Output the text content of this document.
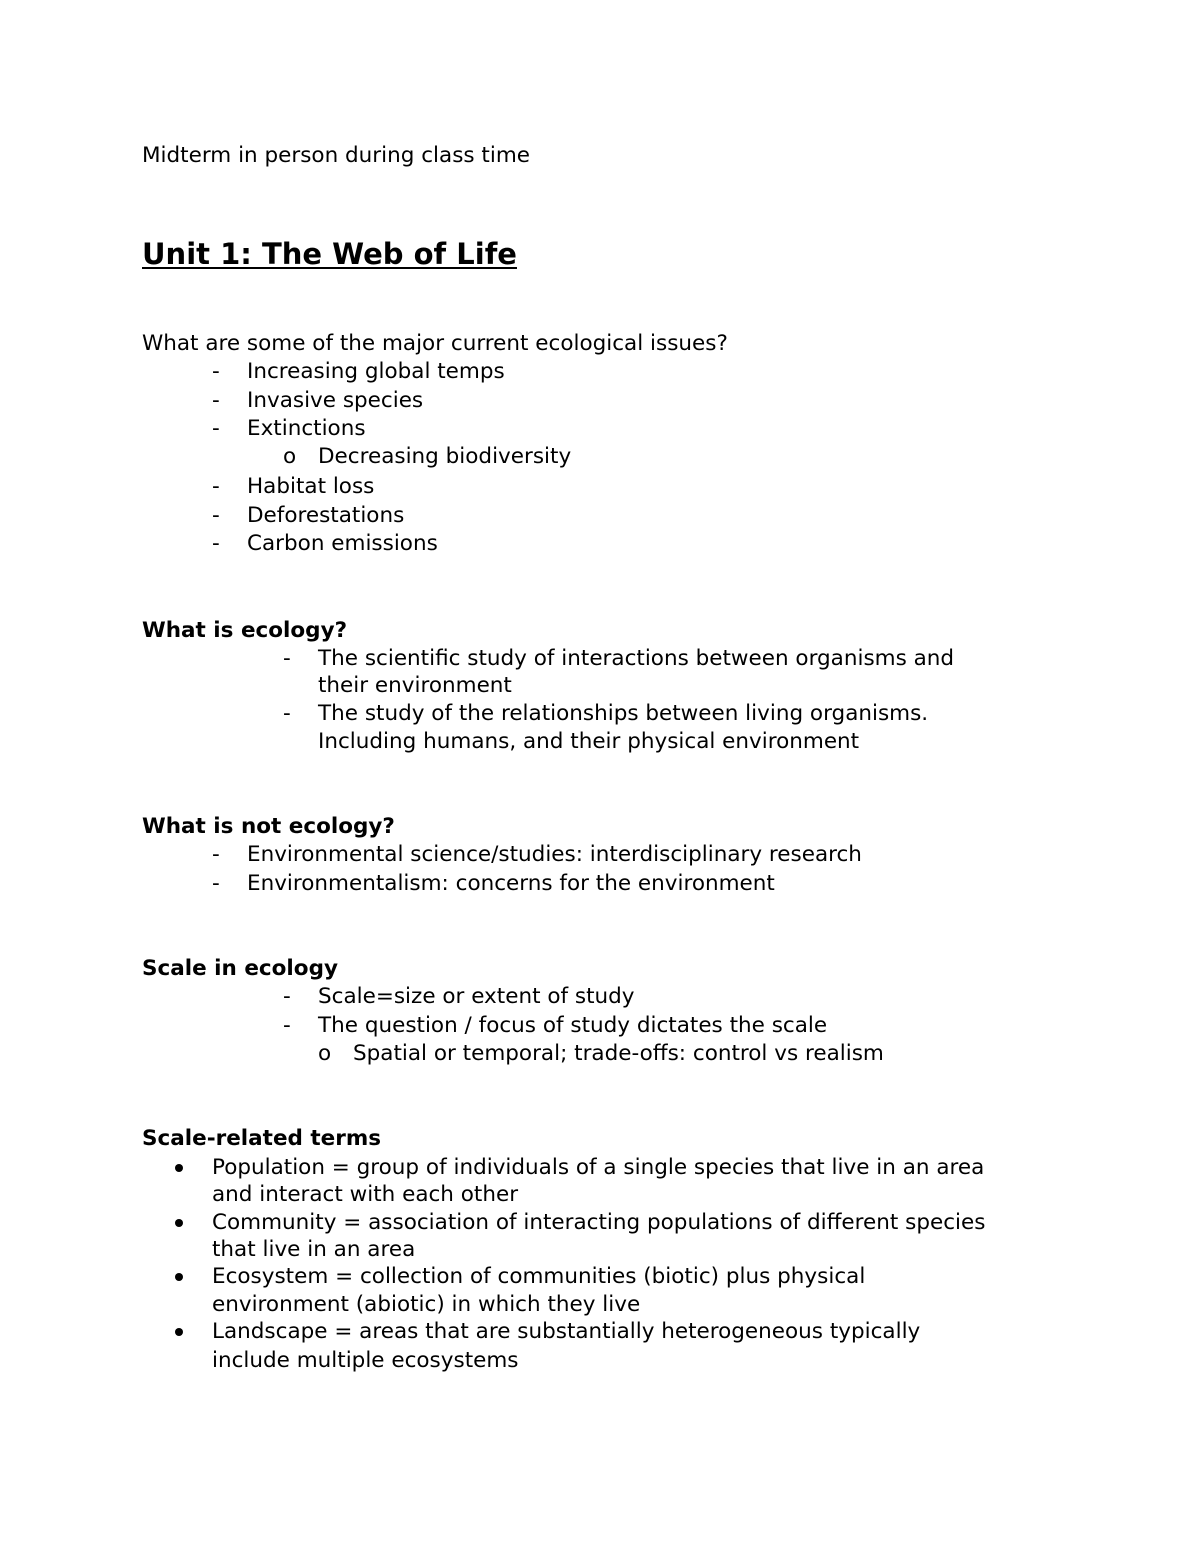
Midterm in person during class time
Unit 1: The Web of Life
What are some of the major current ecological issues?
- Increasing global temps
- Invasive species
- Extinctions
o Decreasing biodiversity
- Habitat loss
- Deforestations
- Carbon emissions
What is ecology?
- The scientific study of interactions between organisms and
their environment
- The study of the relationships between living organisms.
Including humans, and their physical environment
What is not ecology?
- Environmental science/studies: interdisciplinary research
- Environmentalism: concerns for the environment
Scale in ecology
- Scale=size or extent of study
- The question / focus of study dictates the scale
o Spatial or temporal; trade-offs: control vs realism
Scale-related terms
Population = group of individuals of a single species that live in an area
and interact with each other
Community = association of interacting populations of different species
that live in an area
Ecosystem = collection of communities (biotic) plus physical
environment (abiotic) in which they live
Landscape = areas that are substantially heterogeneous typically
include multiple ecosystems
